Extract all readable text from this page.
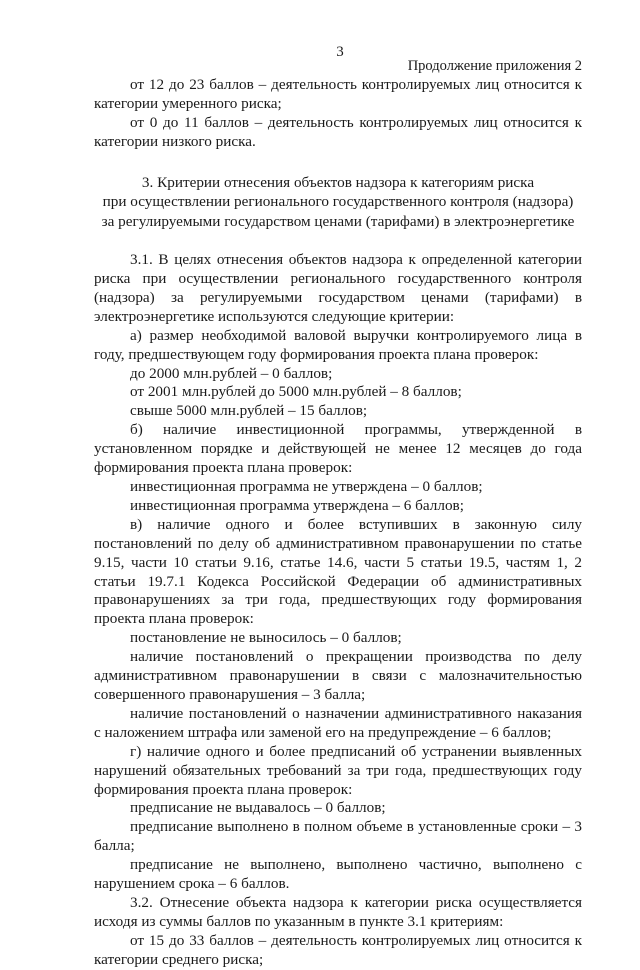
3
Продолжение приложения 2

от 12 до 23 баллов – деятельность контролируемых лиц относится к категории умеренного риска;

от 0 до 11 баллов – деятельность контролируемых лиц относится к категории низкого риска.

3. Критерии отнесения объектов надзора к категориям риска
при осуществлении регионального государственного контроля (надзора)
за регулируемыми государством ценами (тарифами) в электроэнергетике

3.1. В целях отнесения объектов надзора к определенной категории риска при осуществлении регионального государственного контроля (надзора) за регулируемыми государством ценами (тарифами) в электроэнергетике используются следующие критерии:

а) размер необходимой валовой выручки контролируемого лица в году, предшествующем году формирования проекта плана проверок:

до 2000 млн.рублей – 0 баллов;

от 2001 млн.рублей до 5000 млн.рублей – 8 баллов;

свыше 5000 млн.рублей – 15 баллов;

б) наличие инвестиционной программы, утвержденной в установленном порядке и действующей не менее 12 месяцев до года формирования проекта плана проверок:

инвестиционная программа не утверждена – 0 баллов;

инвестиционная программа утверждена – 6 баллов;

в) наличие одного и более вступивших в законную силу постановлений по делу об административном правонарушении по статье 9.15, части 10 статьи 9.16, статье 14.6, части 5 статьи 19.5, частям 1, 2 статьи 19.7.1 Кодекса Российской Федерации об административных правонарушениях за три года, предшествующих году формирования проекта плана проверок:

постановление не выносилось – 0 баллов;

наличие постановлений о прекращении производства по делу административном правонарушении в связи с малозначительностью совершенного правонарушения – 3 балла;

наличие постановлений о назначении административного наказания с наложением штрафа или заменой его на предупреждение – 6 баллов;

г) наличие одного и более предписаний об устранении выявленных нарушений обязательных требований за три года, предшествующих году формирования проекта плана проверок:

предписание не выдавалось – 0 баллов;

предписание выполнено в полном объеме в установленные сроки – 3 балла;

предписание не выполнено, выполнено частично, выполнено с нарушением срока – 6 баллов.

3.2. Отнесение объекта надзора к категории риска осуществляется исходя из суммы баллов по указанным в пункте 3.1 критериям:

от 15 до 33 баллов – деятельность контролируемых лиц относится к категории среднего риска;
